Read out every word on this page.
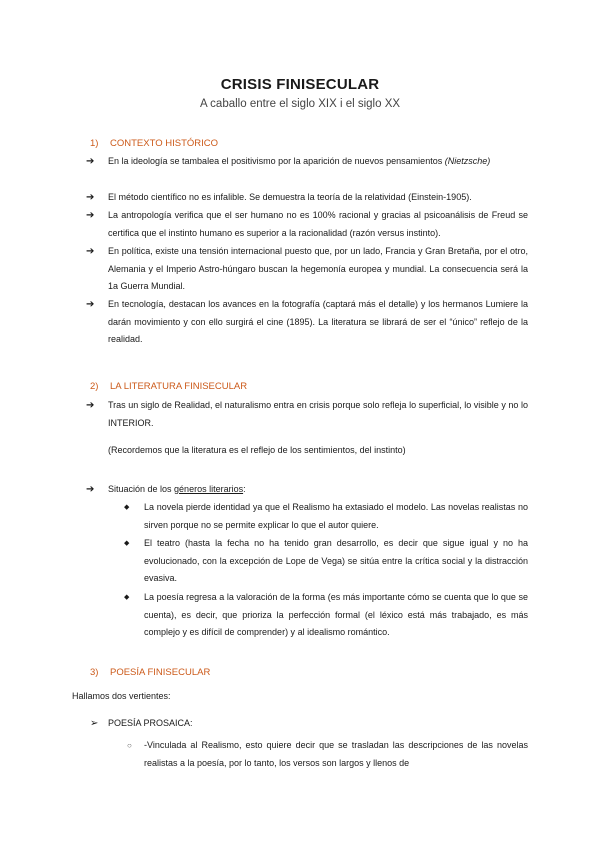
CRISIS FINISECULAR
A caballo entre el siglo XIX i el siglo XX
1) CONTEXTO HISTÓRICO
➔	En la ideología se tambalea el positivismo por la aparición de nuevos pensamientos (Nietzsche)
➔	El método científico no es infalible. Se demuestra la teoría de la relatividad (Einstein-1905).
➔	La antropología verifica que el ser humano no es 100% racional y gracias al psicoanálisis de Freud se certifica que el instinto humano es superior a la racionalidad (razón versus instinto).
➔	En política, existe una tensión internacional puesto que, por un lado, Francia y Gran Bretaña, por el otro, Alemania y el Imperio Astro-húngaro buscan la hegemonía europea y mundial. La consecuencia será la 1a Guerra Mundial.
➔	En tecnología, destacan los avances en la fotografía (captará más el detalle) y los hermanos Lumiere la darán movimiento y con ello surgirá el cine (1895). La literatura se librará de ser el “único” reflejo de la realidad.
2) LA LITERATURA FINISECULAR
➔	Tras un siglo de Realidad, el naturalismo entra en crisis porque solo refleja lo superficial, lo visible y no lo INTERIOR.
(Recordemos que la literatura es el reflejo de los sentimientos, del instinto)
➔	Situación de los géneros literarios:
◆ La novela pierde identidad ya que el Realismo ha extasiado el modelo. Las novelas realistas no sirven porque no se permite explicar lo que el autor quiere.
◆ El teatro (hasta la fecha no ha tenido gran desarrollo, es decir que sigue igual y no ha evolucionado, con la excepción de Lope de Vega) se sitúa entre la crítica social y la distracción evasiva.
◆ La poesía regresa a la valoración de la forma (es más importante cómo se cuenta que lo que se cuenta), es decir, que prioriza la perfección formal (el léxico está más trabajado, es más complejo y es difícil de comprender) y al idealismo romántico.
3) POESÍA FINISECULAR
Hallamos dos vertientes:
➢	POESÍA PROSAICA:
○ -Vinculada al Realismo, esto quiere decir que se trasladan las descripciones de las novelas realistas a la poesía, por lo tanto, los versos son largos y llenos de
